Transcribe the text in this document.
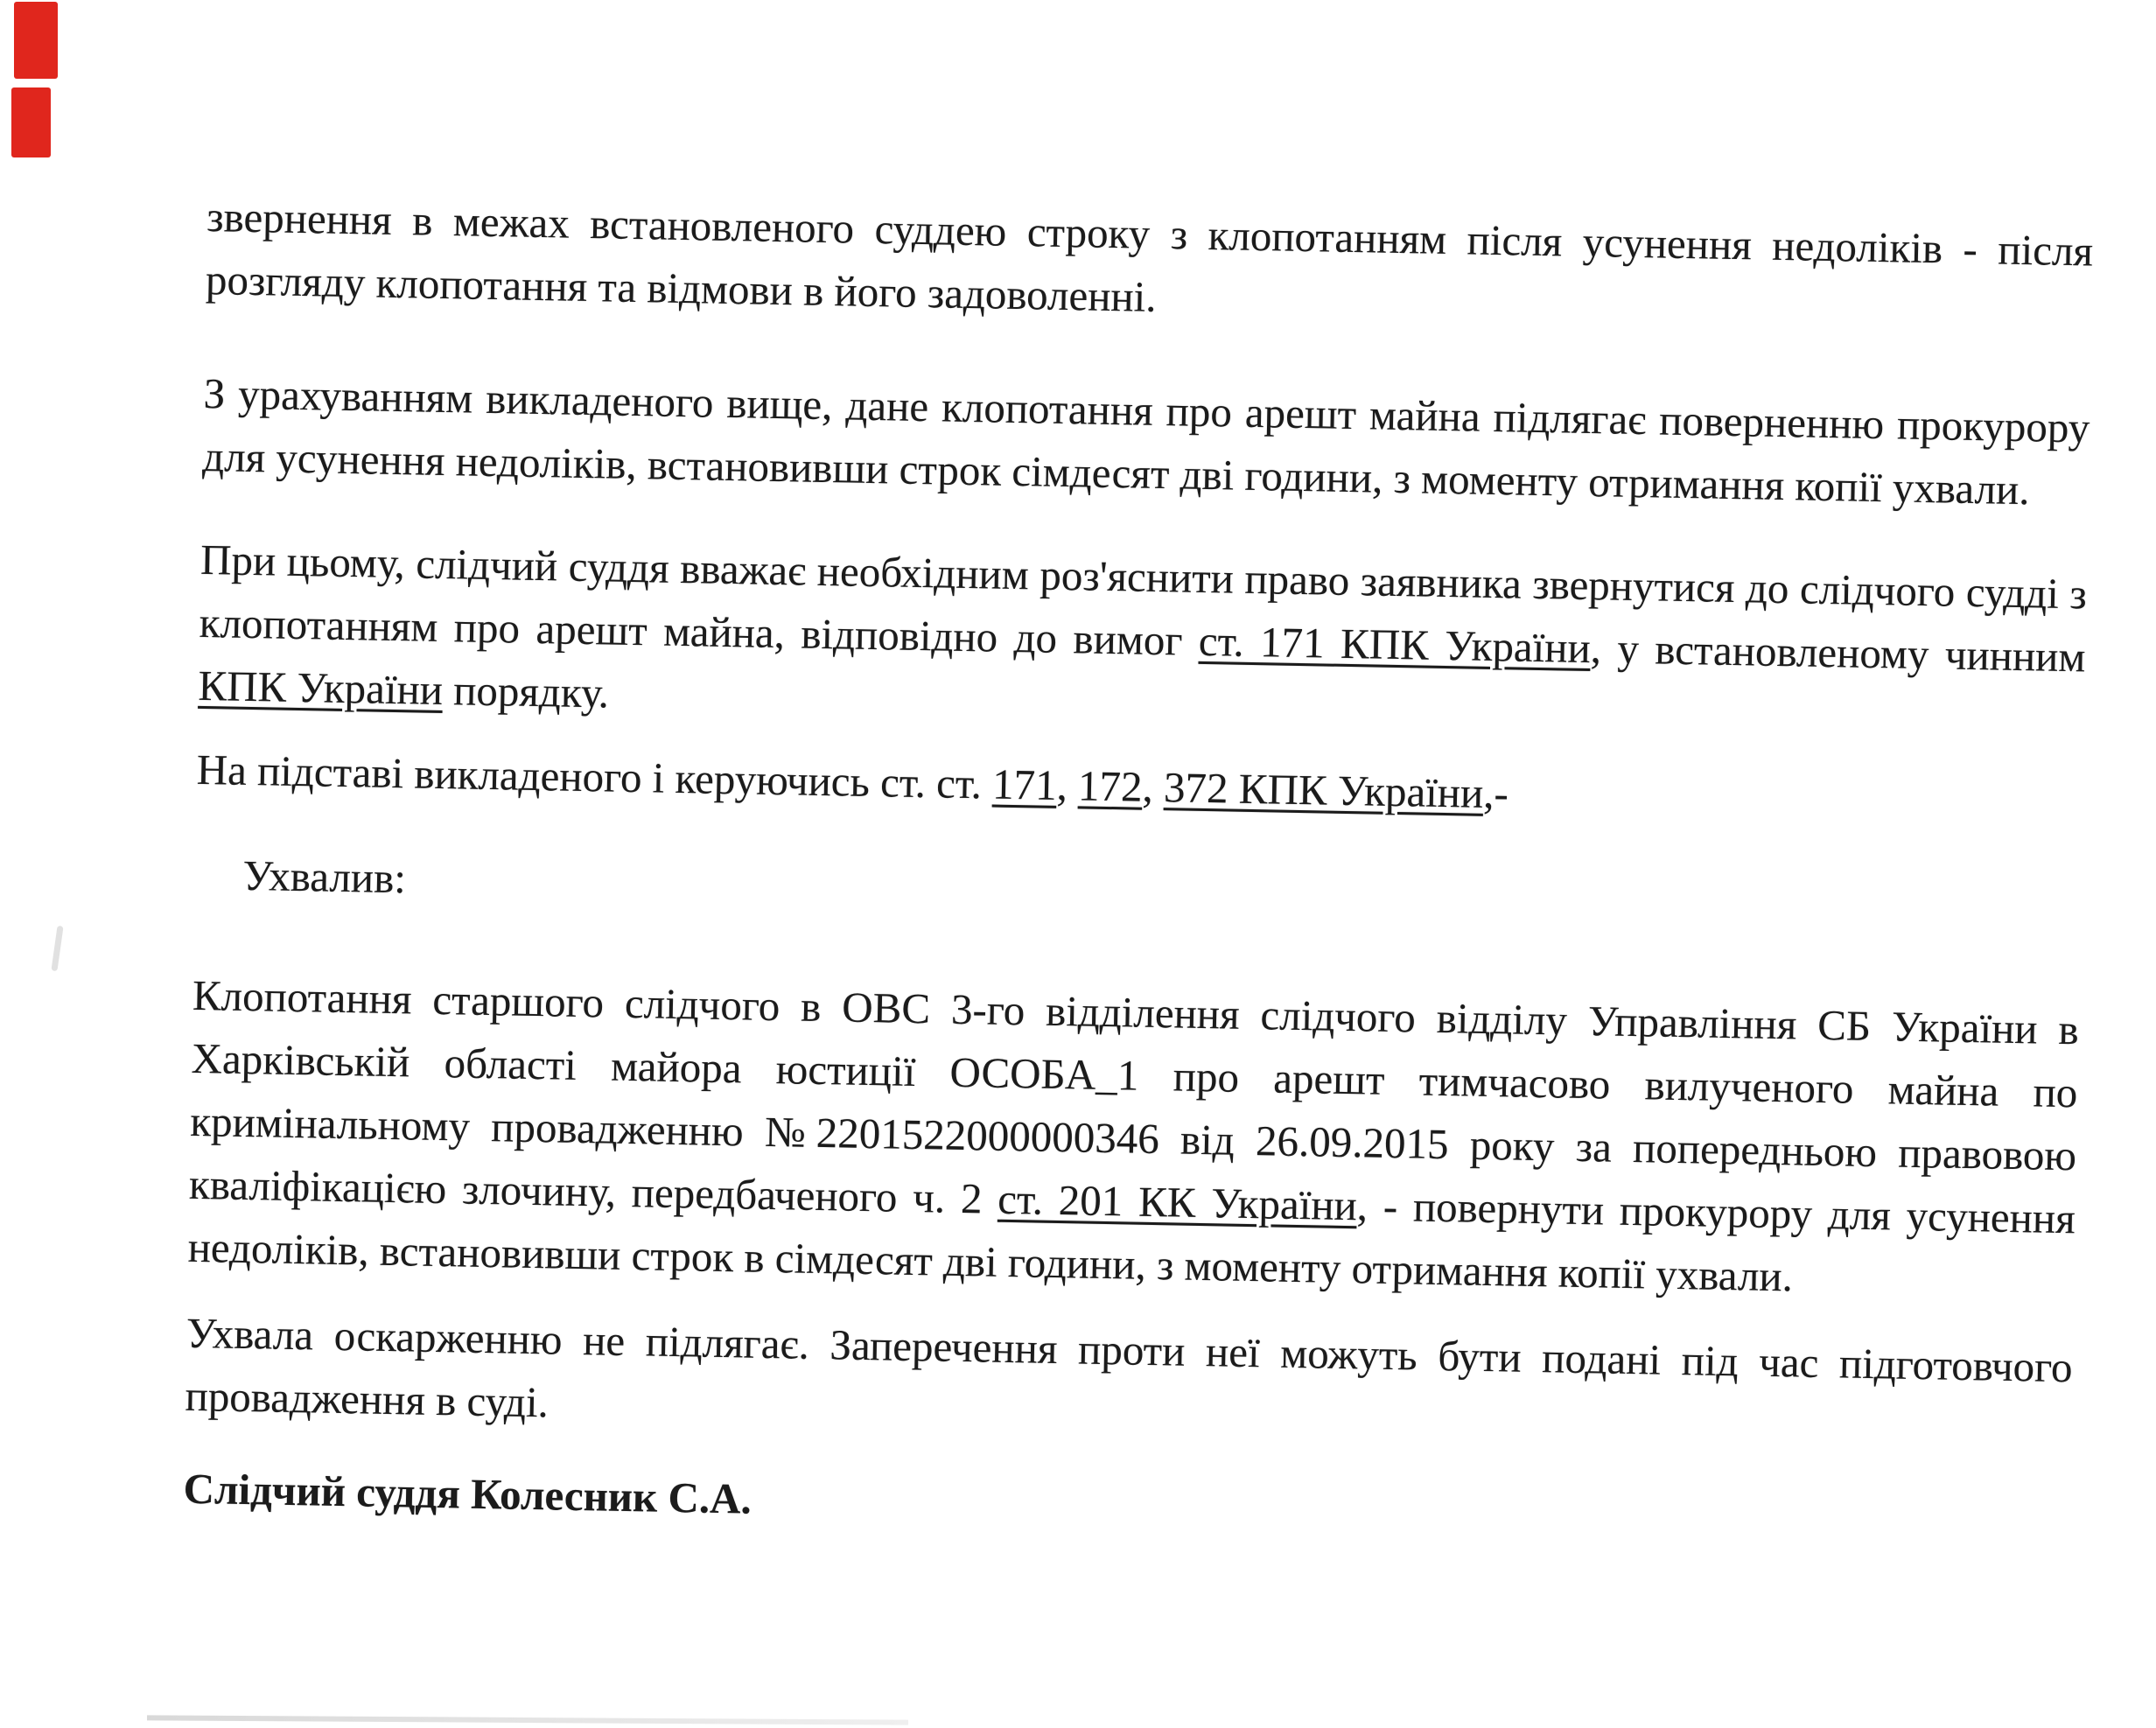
звернення в межах встановленого суддею строку з клопотанням після усунення недоліків - після розгляду клопотання та відмови в його задоволенні.

З урахуванням викладеного вище, дане клопотання про арешт майна підлягає поверненню прокурору для усунення недоліків, встановивши строк сімдесят дві години, з моменту отримання копії ухвали.

При цьому, слідчий суддя вважає необхідним роз'яснити право заявника звернутися до слідчого судді з клопотанням про арешт майна, відповідно до вимог ст. 171 КПК України, у встановленому чинним КПК України порядку.

На підставі викладеного і керуючись ст. ст. 171, 172, 372 КПК України,-

Ухвалив:

Клопотання старшого слідчого в ОВС 3-го відділення слідчого відділу Управління СБ України в Харківській області майора юстиції ОСОБА_1 про арешт тимчасово вилученого майна по кримінальному провадженню №2201522000000346 від 26.09.2015 року за попередньою правовою кваліфікацією злочину, передбаченого ч. 2 ст. 201 КК України, - повернути прокурору для усунення недоліків, встановивши строк в сімдесят дві години, з моменту отримання копії ухвали.

Ухвала оскарженню не підлягає. Заперечення проти неї можуть бути подані під час підготовчого провадження в суді.

Слідчий суддя Колесник С.А.
